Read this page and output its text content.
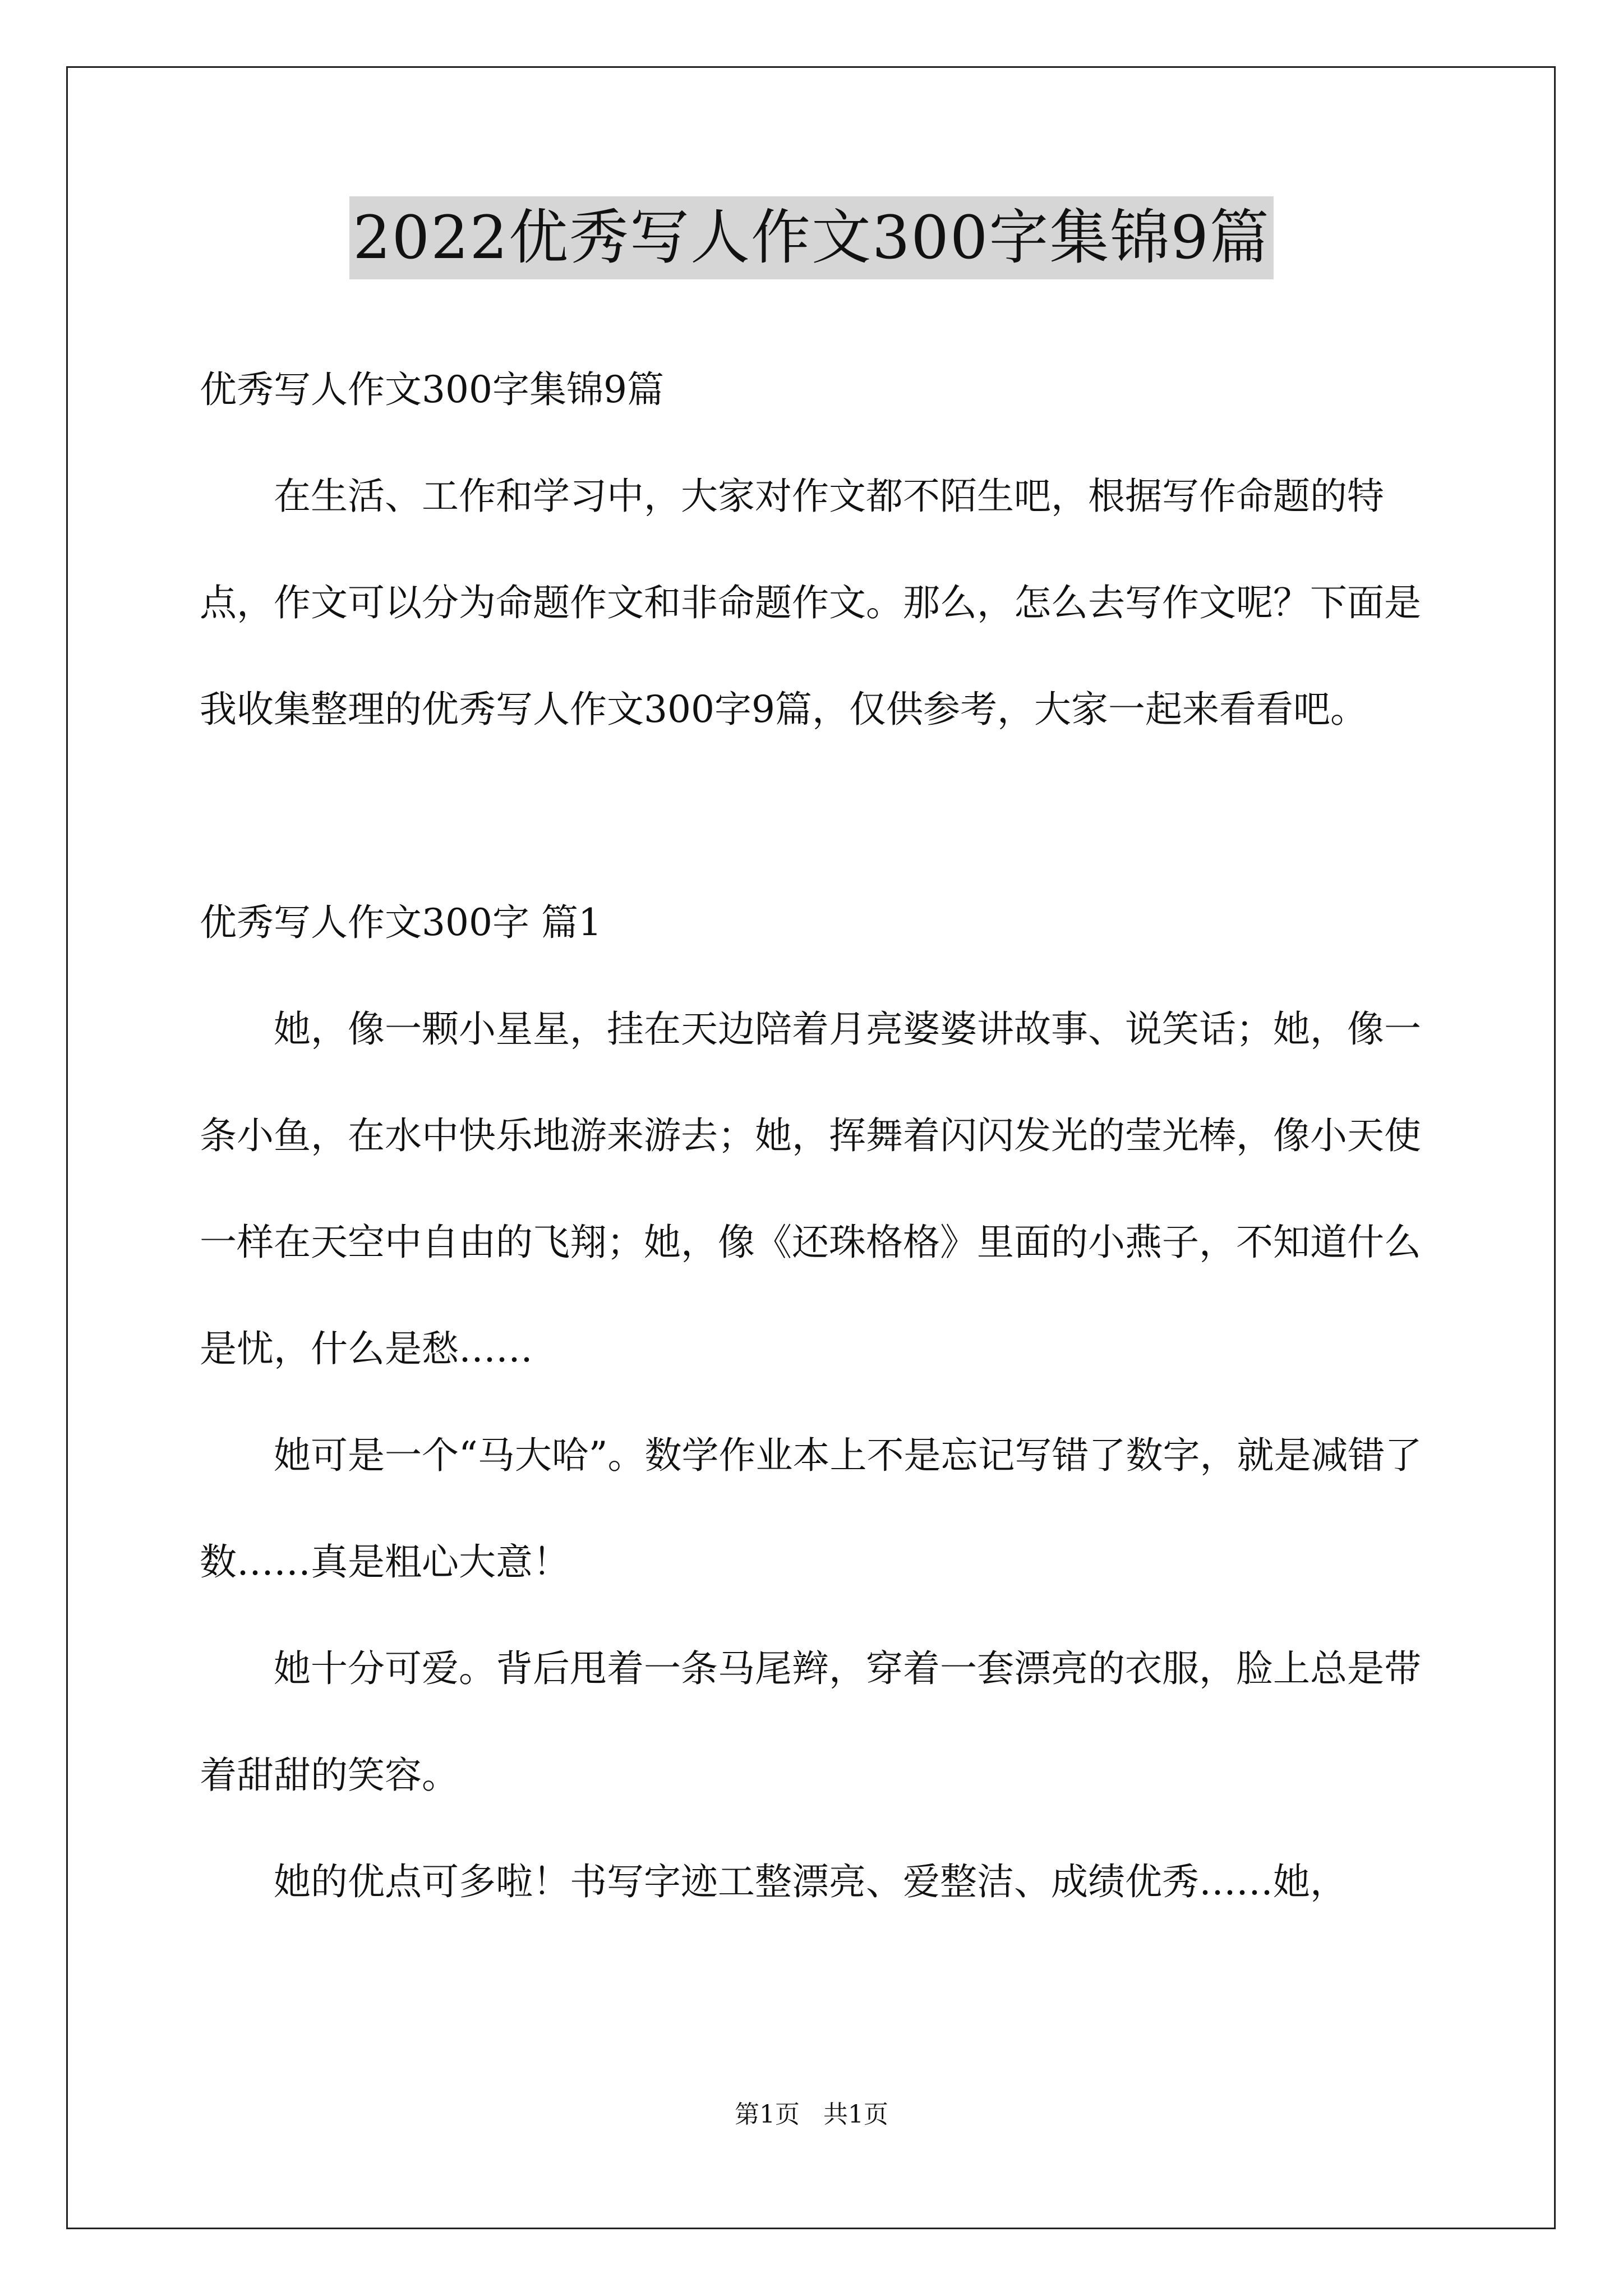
2022优秀写人作文300字集锦9篇

优秀写人作文300字集锦9篇

在生活、工作和学习中，大家对作文都不陌生吧，根据写作命题的特点，作文可以分为命题作文和非命题作文。那么，怎么去写作文呢？下面是我收集整理的优秀写人作文300字9篇，仅供参考，大家一起来看看吧。

优秀写人作文300字 篇1

她，像一颗小星星，挂在天边陪着月亮婆婆讲故事、说笑话；她，像一条小鱼，在水中快乐地游来游去；她，挥舞着闪闪发光的莹光棒，像小天使一样在天空中自由的飞翔；她，像《还珠格格》里面的小燕子，不知道什么是忧，什么是愁……

她可是一个“马大哈”。数学作业本上不是忘记写错了数字，就是减错了数……真是粗心大意！

她十分可爱。背后甩着一条马尾辫，穿着一套漂亮的衣服，脸上总是带着甜甜的笑容。

她的优点可多啦！书写字迹工整漂亮、爱整洁、成绩优秀……她，

第1页   共1页
